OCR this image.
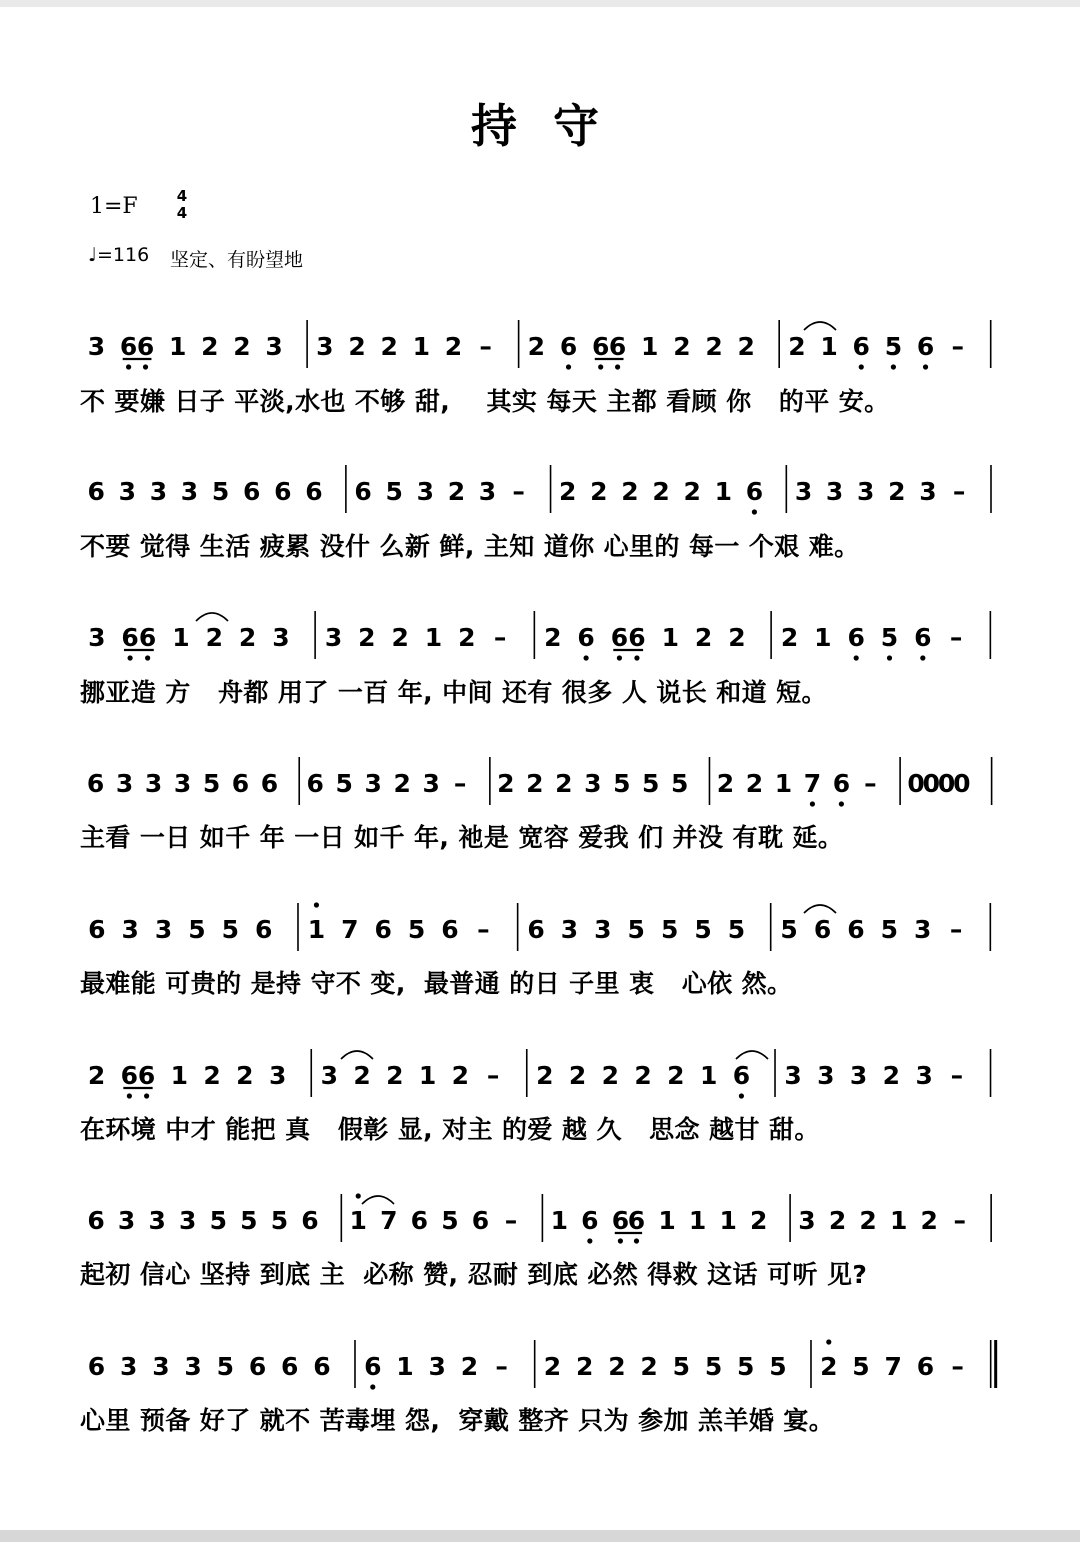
持 守
1=F	4
4
♩=116 坚定、有盼望地
3 6 6 1 2 2 3 3 2 2 1 2 – 2 6 6 6 1 2 2 2 2 1 6 5 6 –
6 3 3 3 5 6 6 6 6 5 3 2 3 – 2 2 2 2 2 1 6 3 3 3 2 3 –
3 6 6 1 2 2 3 3 2 2 1 2 – 2 6 6 6 1 2 2 2 1 6 5 6 –
6 3 3 3 5 6 6 6 5 3 2 3 – 2 2 2 3 5 5 5 2 2 1 7 6 – 0
0
0
0
6 3 3 5 5 6 1 7 6 5 6 – 6 3 3 5 5 5 5 5 6 6 5 3 –
2 6 6 1 2 2 3 3 2 2 1 2 – 2 2 2 2 2 1 6 3 3 3 2 3 –
6 3 3 3 5 5 5 6 1 7 6 5 6 – 1 6 6
6 1 1 1 2 3 2 2 1 2 –
6 3 3 3 5 6 6 6 6 1 3 2 – 2 2 2 2 5 5 5 5 2 5 7 6 –
不 要嫌 日子 平淡,水也 不够 甜,    其实 每天 主都 看顾 你   的平 安。
不要 觉得 生活 疲累 没什 么新 鲜, 主知 道你 心里的 每一 个艰 难。
挪亚造 方   舟都 用了 一百 年, 中间 还有 很多 人 说长 和道 短。
主看 一日 如千 年 一日 如千 年, 祂是 宽容 爱我 们 并没 有耽 延。
最难能 可贵的 是持 守不 变,  最普通 的日 子里 衷   心依 然。
在环境 中才 能把 真   假彰 显, 对主 的爱 越 久   思念 越甘 甜。
起初 信心 坚持 到底 主  必称 赞, 忍耐 到底 必然 得救 这话 可听 见?
心里 预备 好了 就不 苦毒埋 怨,  穿戴 整齐 只为 参加 羔羊婚 宴。
